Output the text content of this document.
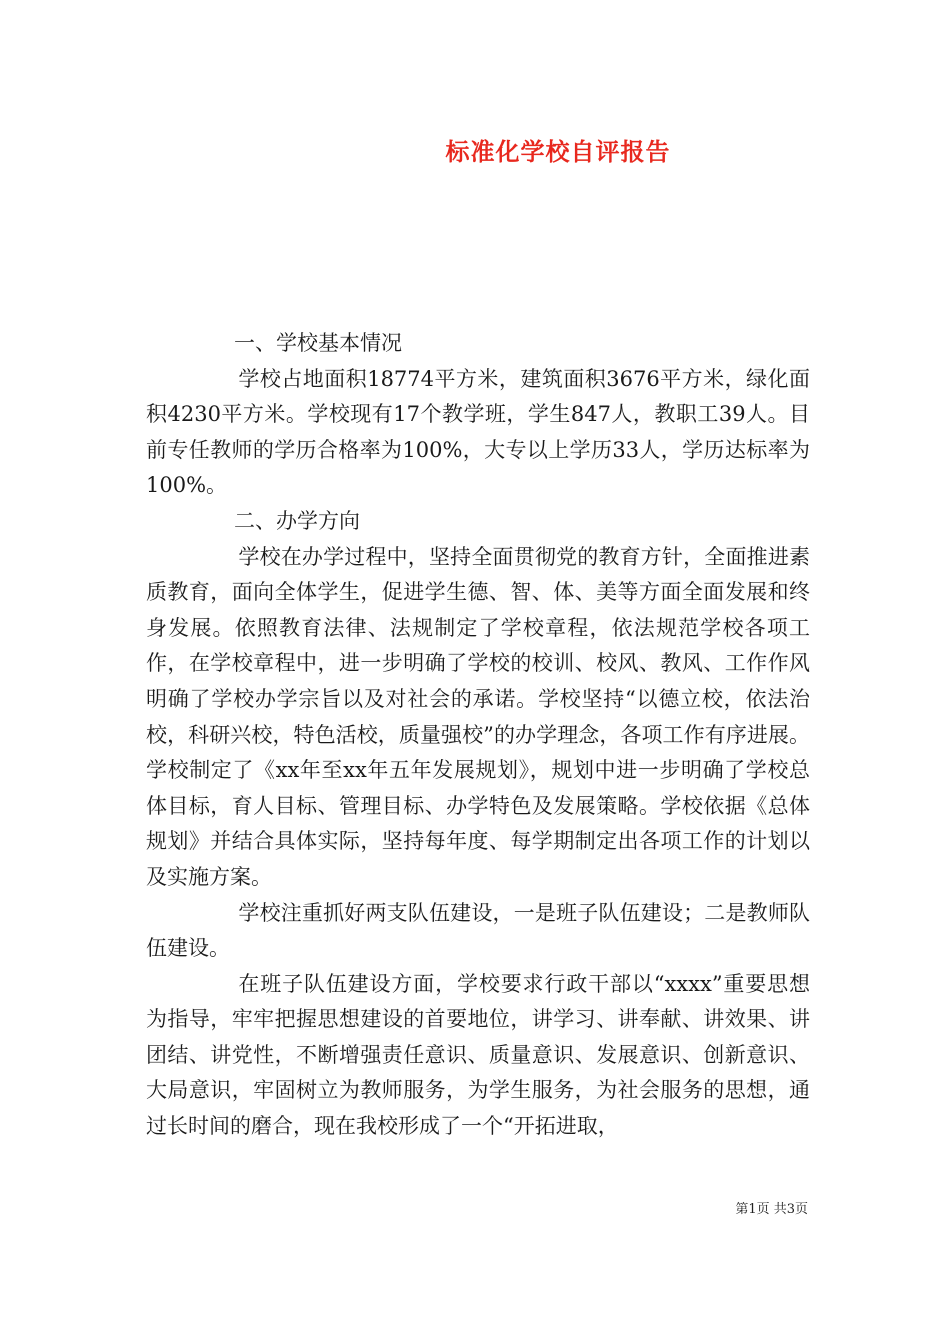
标准化学校自评报告

一、学校基本情况

学校占地面积18774平方米，建筑面积3676平方米，绿化面积4230平方米。学校现有17个教学班，学生847人，教职工39人。目前专任教师的学历合格率为100%，大专以上学历33人，学历达标率为100%。

二、办学方向

学校在办学过程中，坚持全面贯彻党的教育方针，全面推进素质教育，面向全体学生，促进学生德、智、体、美等方面全面发展和终身发展。依照教育法律、法规制定了学校章程，依法规范学校各项工作，在学校章程中，进一步明确了学校的校训、校风、教风、工作作风明确了学校办学宗旨以及对社会的承诺。学校坚持“以德立校，依法治校，科研兴校，特色活校，质量强校”的办学理念，各项工作有序进展。学校制定了《xx年至xx年五年发展规划》，规划中进一步明确了学校总体目标，育人目标、管理目标、办学特色及发展策略。学校依据《总体规划》并结合具体实际，坚持每年度、每学期制定出各项工作的计划以及实施方案。

学校注重抓好两支队伍建设，一是班子队伍建设；二是教师队伍建设。

在班子队伍建设方面，学校要求行政干部以“xxxx”重要思想为指导，牢牢把握思想建设的首要地位，讲学习、讲奉献、讲效果、讲团结、讲党性，不断增强责任意识、质量意识、发展意识、创新意识、大局意识，牢固树立为教师服务，为学生服务，为社会服务的思想，通过长时间的磨合，现在我校形成了一个“开拓进取，

第1页 共3页
